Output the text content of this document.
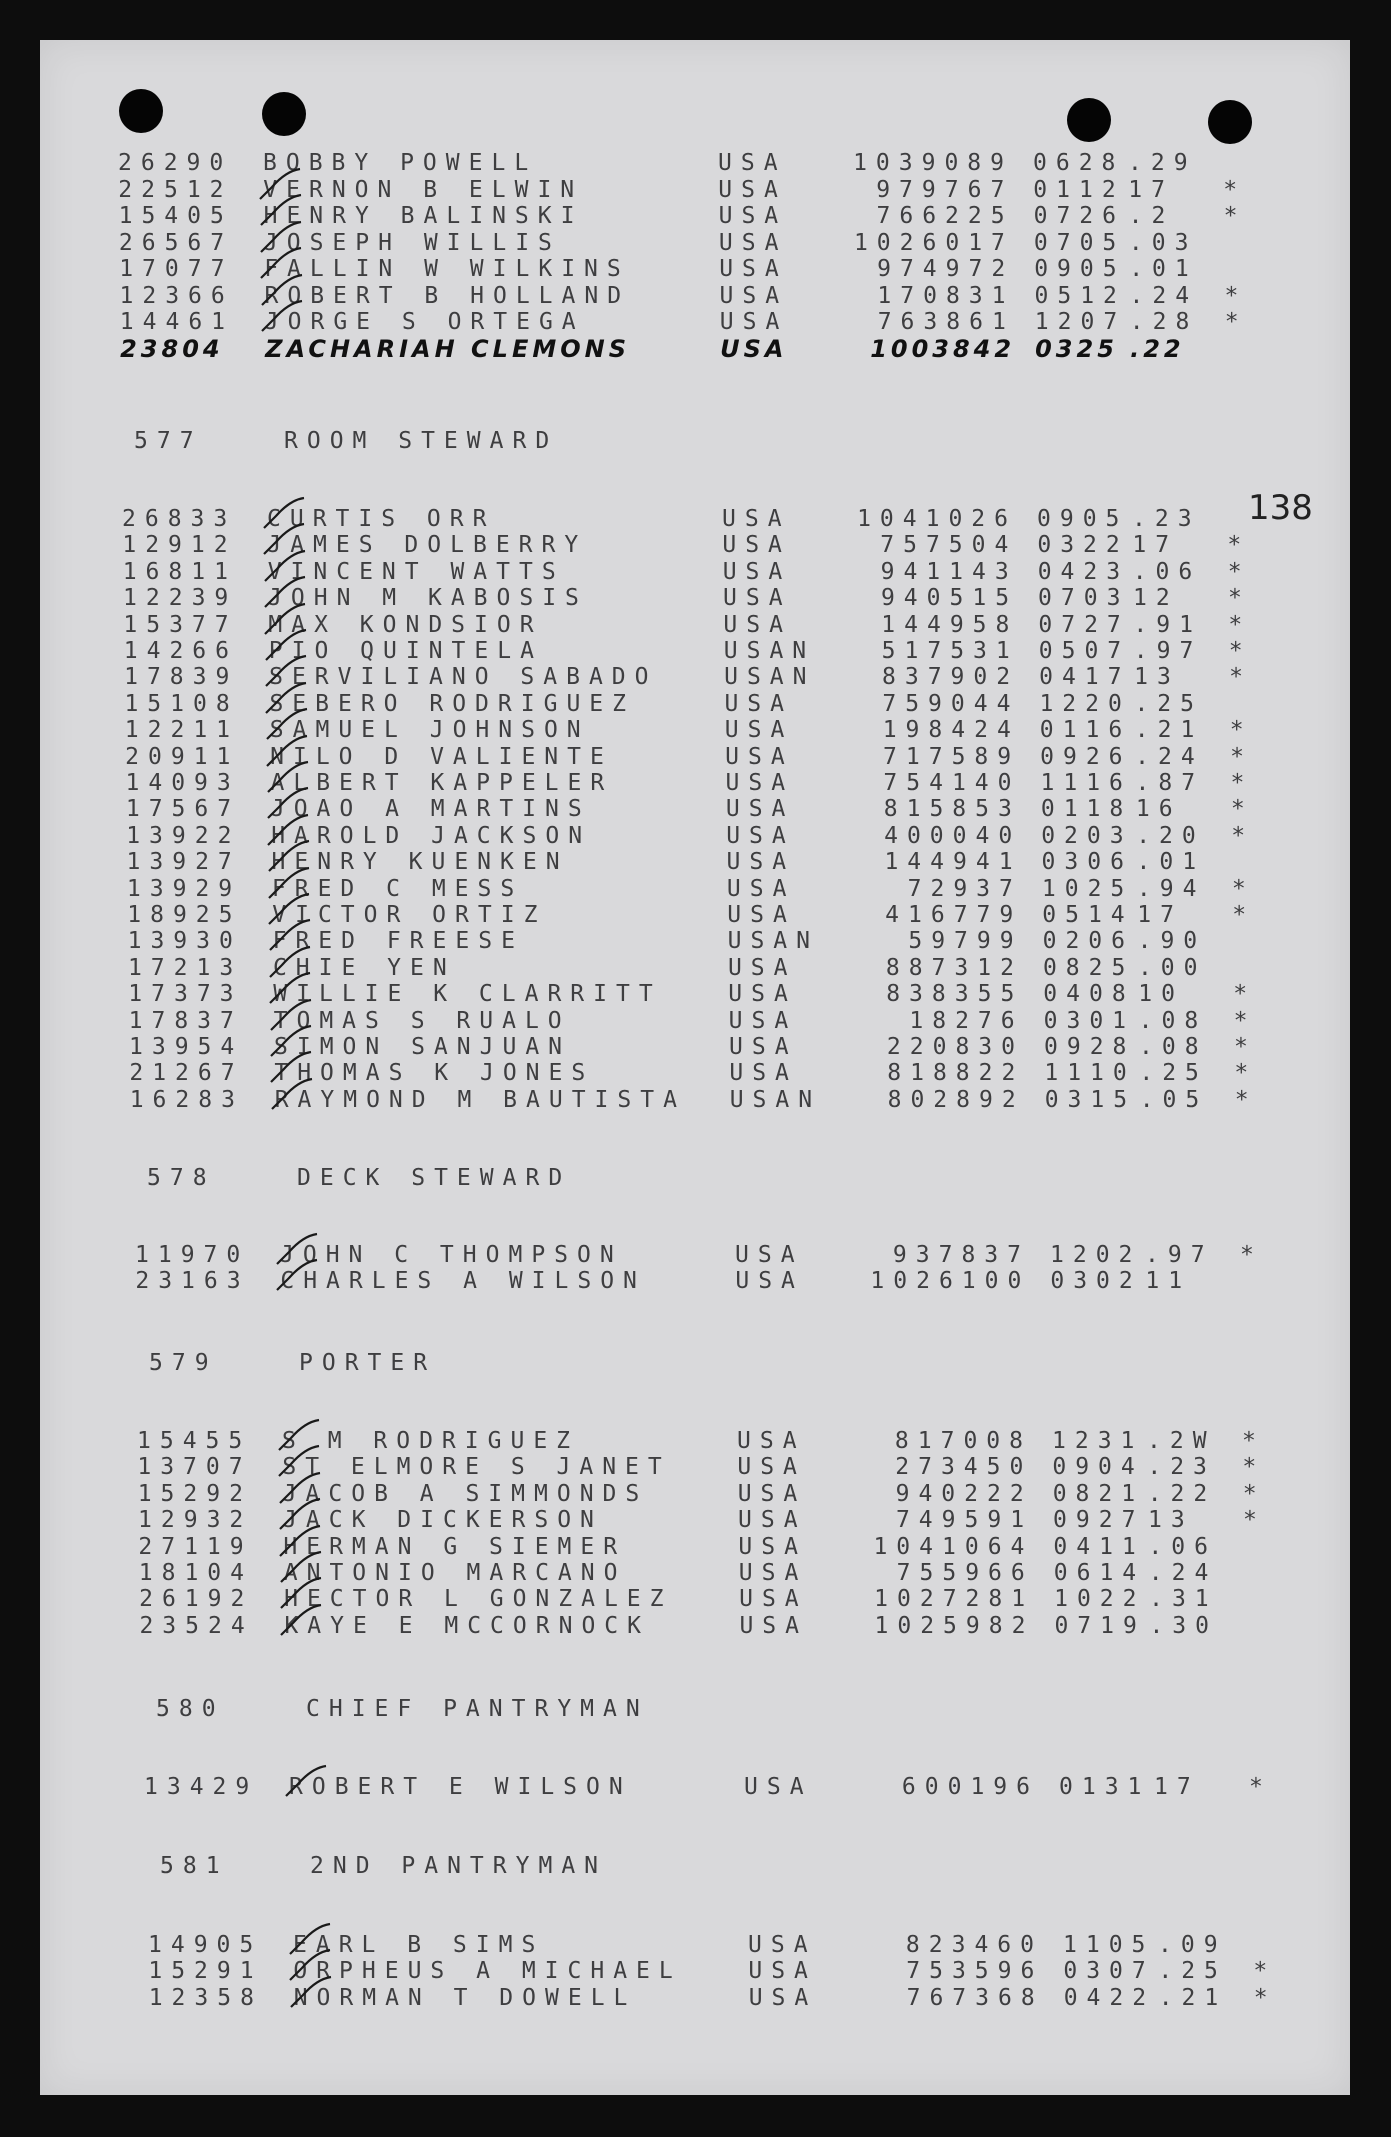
138
26290 BOBBY POWELL	USA	1039089 0628 .29
22512 VERNON B ELWIN	USA	979767 0112 17 *
15405 HENRY BALINSKI	USA	766225 0726 .2 *
26567 JOSEPH WILLIS	USA	1026017 0705 .03
17077 FALLIN W WILKINS	USA	974972 0905 .01
12366 ROBERT B HOLLAND	USA	170831 0512 .24 *
14461 JORGE S ORTEGA	USA	763861 1207 .28 *
23804 ZACHARIAH CLEMONS	USA	1003842 0325 .22
577	ROOM STEWARD
26833 CURTIS ORR	USA	1041026 0905 .23
12912 JAMES DOLBERRY	USA	757504 0322 17 *
16811 VINCENT WATTS	USA	941143 0423 .06 *
12239 JOHN M KABOSIS	USA	940515 0703 12 *
15377 MAX KONDSIOR	USA	144958 0727 .91 *
14266 PIO QUINTELA	USAN	517531 0507 .97 *
17839 SERVILIANO SABADO	USAN	837902 0417 13 *
15108 SEBERO RODRIGUEZ	USA	759044 1220 .25
12211 SAMUEL JOHNSON	USA	198424 0116 .21 *
20911 NILO D VALIENTE	USA	717589 0926 .24 *
14093 ALBERT KAPPELER	USA	754140 1116 .87 *
17567 JOAO A MARTINS	USA	815853 0118 16 *
13922 HAROLD JACKSON	USA	400040 0203 .20 *
13927 HENRY KUENKEN	USA	144941 0306 .01
13929 FRED C MESS	USA	72937 1025 .94 *
18925 VICTOR ORTIZ	USA	416779 0514 17 *
13930 FRED FREESE	USAN	59799 0206 .90
17213 CHIE YEN	USA	887312 0825 .00
17373 WILLIE K CLARRITT	USA	838355 0408 10 *
17837 TOMAS S RUALO	USA	18276 0301 .08 *
13954 SIMON SANJUAN	USA	220830 0928 .08 *
21267 THOMAS K JONES	USA	818822 1110 .25 *
16283 RAYMOND M BAUTISTA USAN	802892 0315 .05 *
578	DECK STEWARD
11970 JOHN C THOMPSON	USA	937837 1202 .97 *
23163 CHARLES A WILSON	USA	1026100 0302 11
579	PORTER
15455 S M RODRIGUEZ	USA	817008 1231 .2W *
13707 ST ELMORE S JANET	USA	273450 0904 .23 *
15292 JACOB A SIMMONDS	USA	940222 0821 .22 *
12932 JACK DICKERSON	USA	749591 0927 13 *
27119 HERMAN G SIEMER	USA	1041064 0411 .06
18104 ANTONIO MARCANO	USA	755966 0614 .24
26192 HECTOR L GONZALEZ	USA	1027281 1022 .31
23524 KAYE E MCCORNOCK	USA	1025982 0719 .30
580	CHIEF PANTRYMAN
13429 ROBERT E WILSON	USA	600196 0131 17 *
581	2ND PANTRYMAN
14905 EARL B SIMS	USA	823460 1105 .09
15291 ORPHEUS A MICHAEL	USA	753596 0307 .25 *
12358 NORMAN T DOWELL	USA	767368 0422 .21 *
